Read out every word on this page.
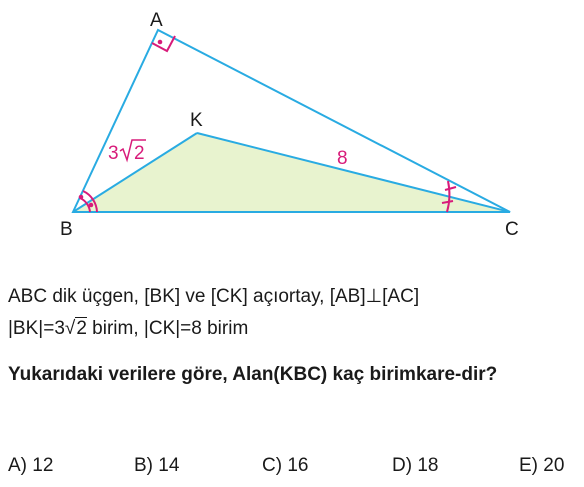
A
B	C
K
3 2	8
ABC dik üçgen, [BK] ve [CK] açıortay, [AB]⊥[AC]
|BK|=3√2 birim, |CK|=8 birim
Yukarıdaki verilere göre, Alan(KBC) kaç birimkare-dir?
A) 12	B) 14	C) 16	D) 18	E) 20
